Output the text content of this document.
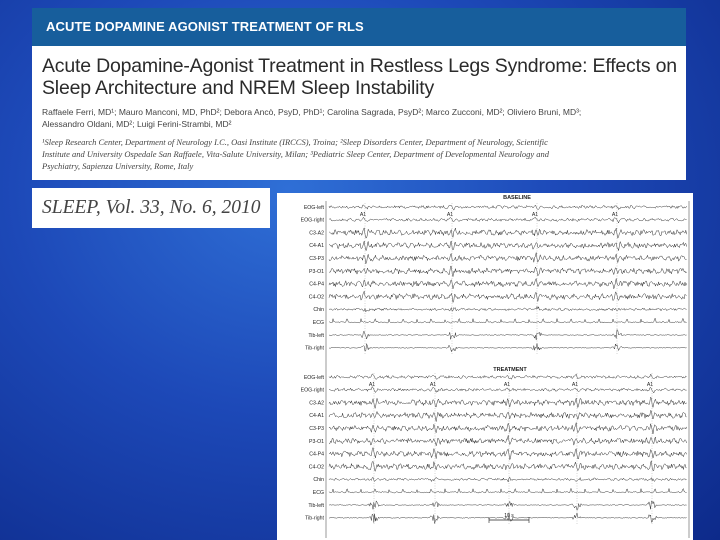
ACUTE DOPAMINE AGONIST TREATMENT OF RLS
Acute Dopamine-Agonist Treatment in Restless Legs Syndrome: Effects on
Sleep Architecture and NREM Sleep Instability
Raffaele Ferri, MD¹; Mauro Manconi, MD, PhD²; Debora Ancò, PsyD, PhD¹; Carolina Sagrada, PsyD²; Marco Zucconi, MD²; Oliviero Bruni, MD³;
Alessandro Oldani, MD²; Luigi Ferini-Strambi, MD²
¹Sleep Research Center, Department of Neurology I.C., Oasi Institute (IRCCS), Troina; ²Sleep Disorders Center, Department of Neurology, Scientific
Institute and University Ospedale San Raffaele, Vita-Salute University, Milan; ³Pediatric Sleep Center, Department of Developmental Neurology and
Psychiatry, Sapienza University, Rome, Italy
SLEEP, Vol. 33, No. 6, 2010	BASELINE
TREATMENT
EOG-left
EOG-right
C3-A2
C4-A1
C3-P3
P3-O1
C4-P4
C4-O2
Chin
ECG
Tib-left
Tib-right
A1	A1	A1	A1
EOG-left
EOG-right
C3-A2
C4-A1
C3-P3
P3-O1
C4-P4
C4-O2
Chin
ECG
Tib-left
Tib-right
A1	A1	A1	A1	A1
10 s
